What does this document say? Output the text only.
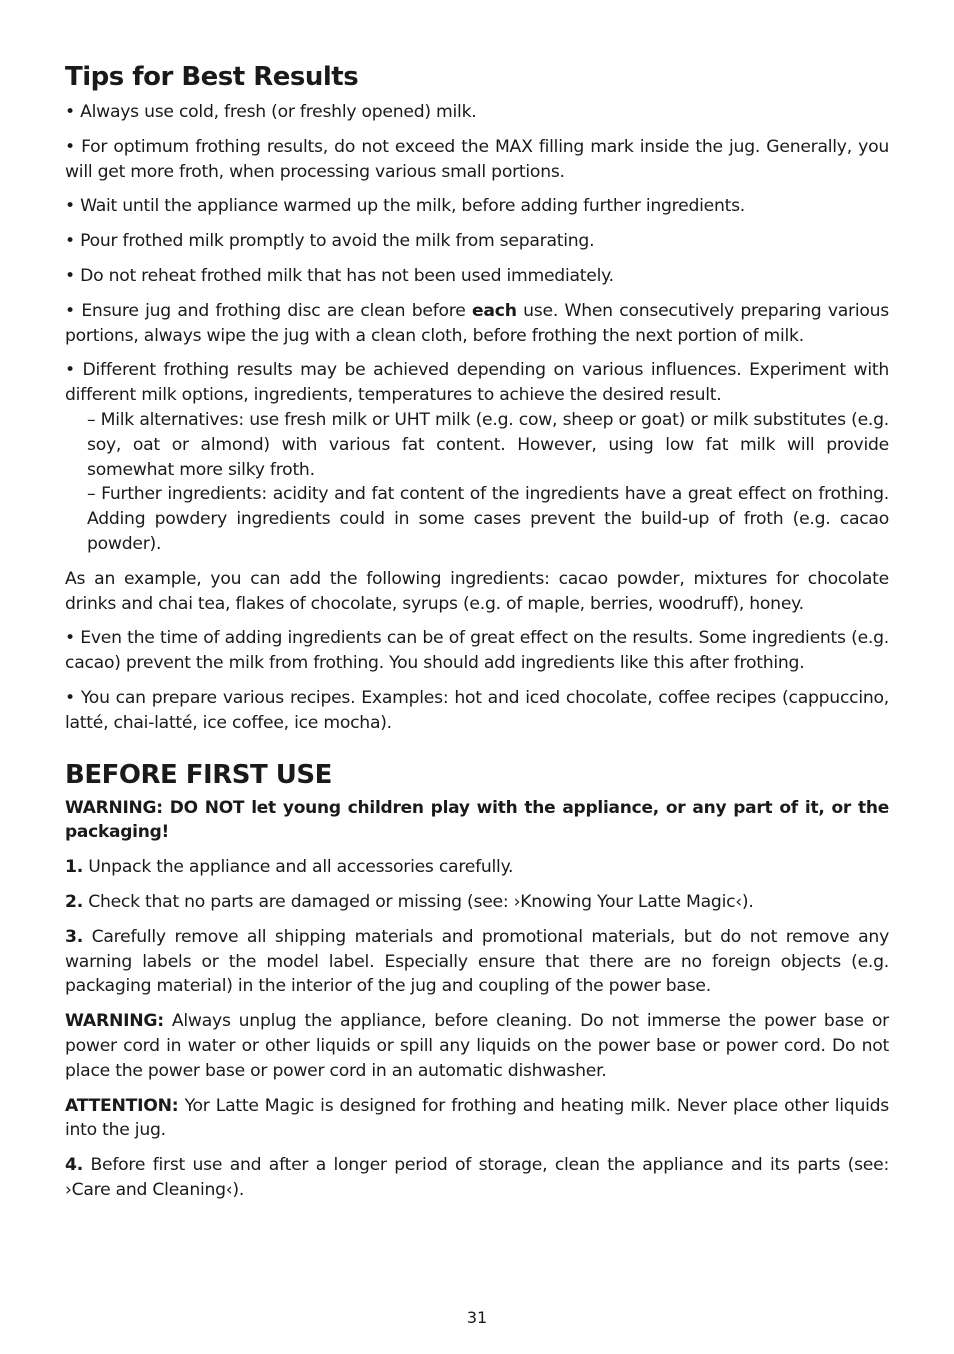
Tips for Best Results

• Always use cold, fresh (or freshly opened) milk.

• For optimum frothing results, do not exceed the MAX filling mark inside the jug. Generally, you will get more froth, when processing various small portions.

• Wait until the appliance warmed up the milk, before adding further ingredients.

• Pour frothed milk promptly to avoid the milk from separating.

• Do not reheat frothed milk that has not been used immediately.

• Ensure jug and frothing disc are clean before each use. When consecutively preparing various portions, always wipe the jug with a clean cloth, before frothing the next portion of milk.

• Different frothing results may be achieved depending on various influences. Experiment with different milk options, ingredients, temperatures to achieve the desired result.

– Milk alternatives: use fresh milk or UHT milk (e.g. cow, sheep or goat) or milk substitutes (e.g. soy, oat or almond) with various fat content. However, using low fat milk will provide somewhat more silky froth.

– Further ingredients: acidity and fat content of the ingredients have a great effect on frothing. Adding powdery ingredients could in some cases prevent the build-up of froth (e.g. cacao powder).

As an example, you can add the following ingredients: cacao powder, mixtures for chocolate drinks and chai tea, flakes of chocolate, syrups (e.g. of maple, berries, woodruff), honey.

• Even the time of adding ingredients can be of great effect on the results. Some ingredients (e.g. cacao) prevent the milk from frothing. You should add ingredients like this after frothing.

• You can prepare various recipes. Examples: hot and iced chocolate, coffee recipes (cappuccino, latté, chai-latté, ice coffee, ice mocha).

BEFORE FIRST USE

WARNING: DO NOT let young children play with the appliance, or any part of it, or the packaging!

1. Unpack the appliance and all accessories carefully.

2. Check that no parts are damaged or missing (see: ›Knowing Your Latte Magic‹).

3. Carefully remove all shipping materials and promotional materials, but do not remove any warning labels or the model label. Especially ensure that there are no foreign objects (e.g. packaging material) in the interior of the jug and coupling of the power base.

WARNING: Always unplug the appliance, before cleaning. Do not immerse the power base or power cord in water or other liquids or spill any liquids on the power base or power cord. Do not place the power base or power cord in an automatic dishwasher.

ATTENTION: Yor Latte Magic is designed for frothing and heating milk. Never place other liquids into the jug.

4. Before first use and after a longer period of storage, clean the appliance and its parts (see: ›Care and Cleaning‹).

31
